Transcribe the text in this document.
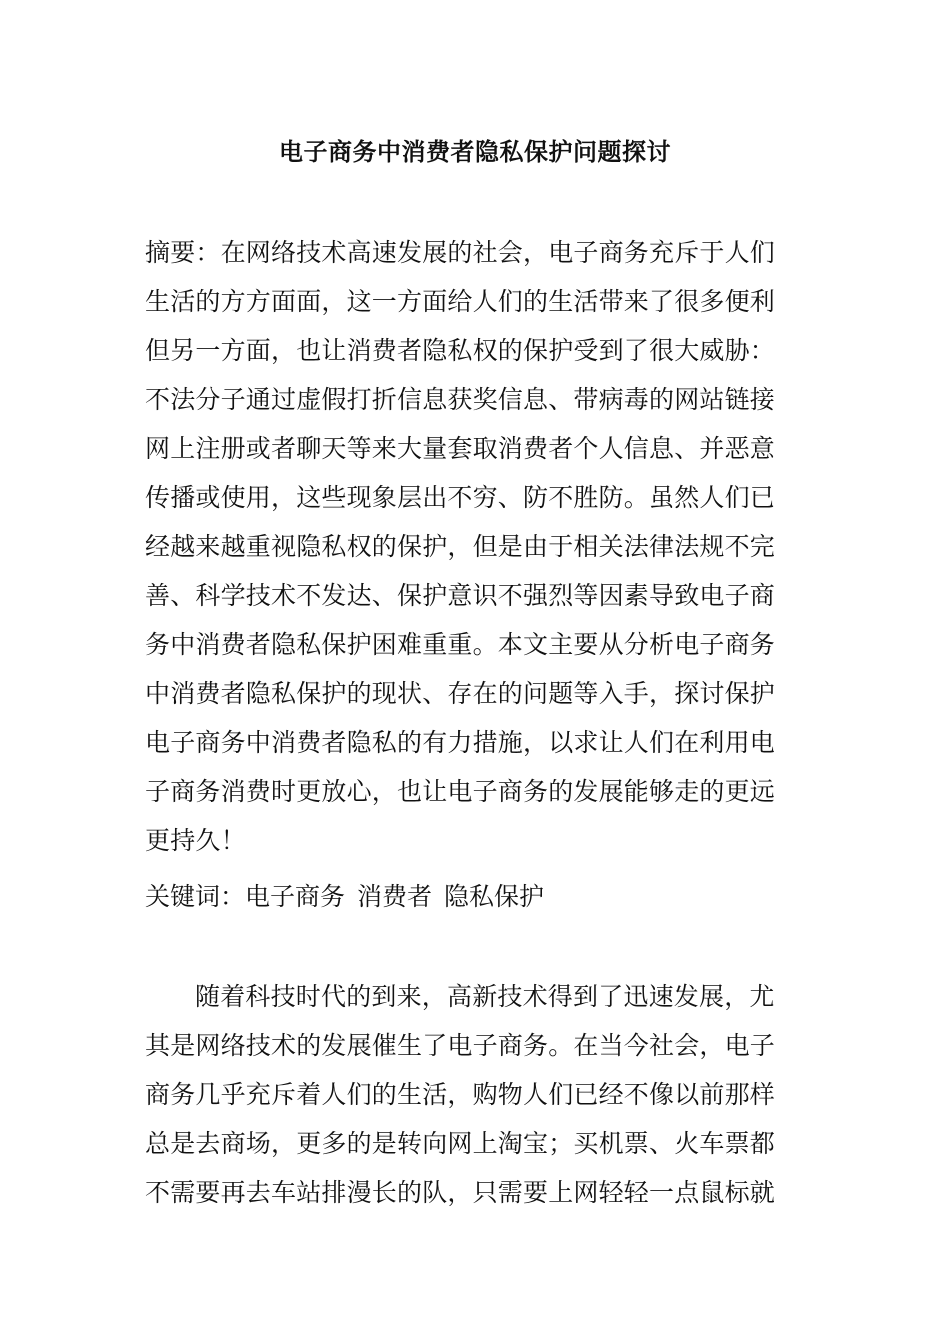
电子商务中消费者隐私保护问题探讨
摘要：在网络技术高速发展的社会，电子商务充斥于人们
生活的方方面面，这一方面给人们的生活带来了很多便利
但另一方面，也让消费者隐私权的保护受到了很大威胁：
不法分子通过虚假打折信息获奖信息、带病毒的网站链接
网上注册或者聊天等来大量套取消费者个人信息、并恶意
传播或使用，这些现象层出不穷、防不胜防。虽然人们已
经越来越重视隐私权的保护，但是由于相关法律法规不完
善、科学技术不发达、保护意识不强烈等因素导致电子商
务中消费者隐私保护困难重重。本文主要从分析电子商务
中消费者隐私保护的现状、存在的问题等入手，探讨保护
电子商务中消费者隐私的有力措施，以求让人们在利用电
子商务消费时更放心，也让电子商务的发展能够走的更远
更持久！
关键词：电子商务 消费者 隐私保护
随着科技时代的到来，高新技术得到了迅速发展，尤
其是网络技术的发展催生了电子商务。在当今社会，电子
商务几乎充斥着人们的生活，购物人们已经不像以前那样
总是去商场，更多的是转向网上淘宝；买机票、火车票都
不需要再去车站排漫长的队，只需要上网轻轻一点鼠标就
